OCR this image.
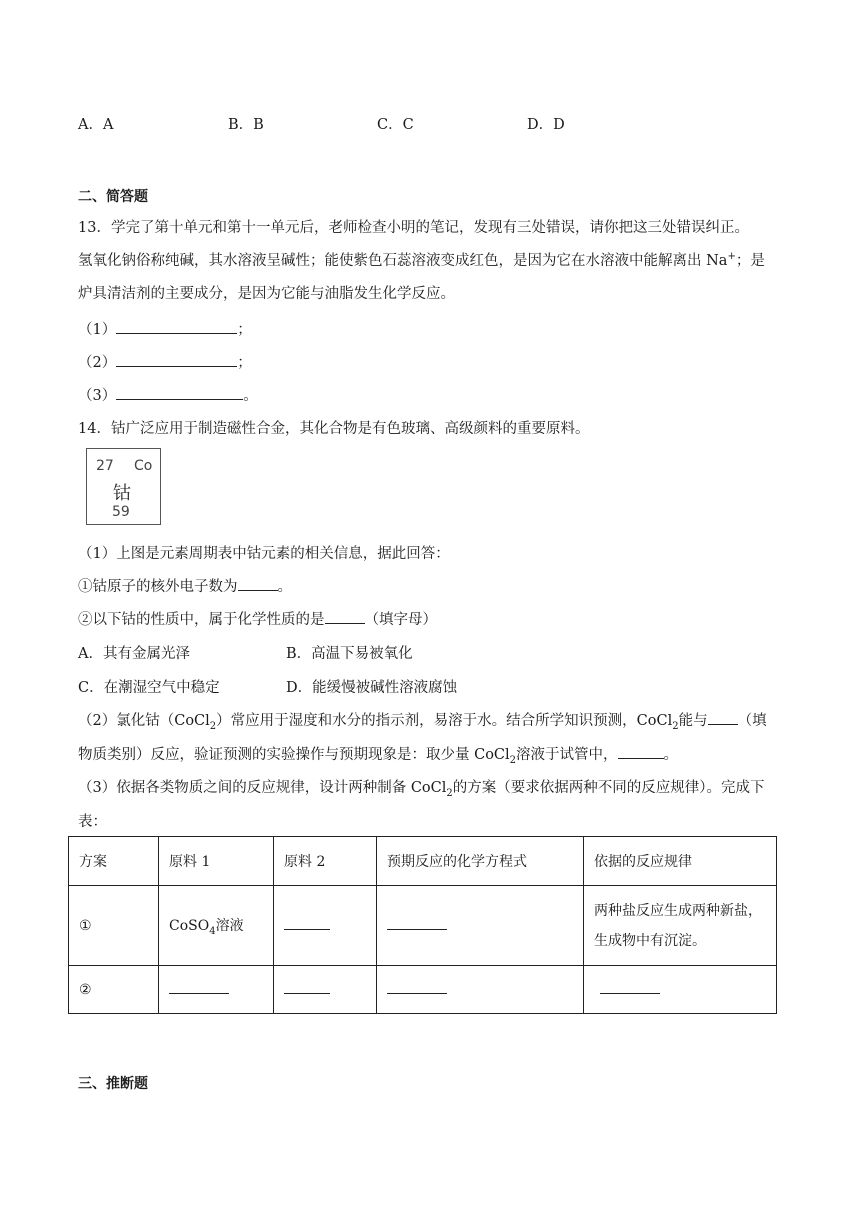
A．A	B．B	C．C	D．D
二、简答题
13．学完了第十单元和第十一单元后，老师检查小明的笔记，发现有三处错误，请你把这三处错误纠正。
氢氧化钠俗称纯碱，其水溶液呈碱性；能使紫色石蕊溶液变成红色，是因为它在水溶液中能解离出 Na+；是
炉具清洁剂的主要成分，是因为它能与油脂发生化学反应。
（1）	；
（2）	；
（3）	。
14．钴广泛应用于制造磁性合金，其化合物是有色玻璃、高级颜料的重要原料。
27 Co
钴
59
（1）上图是元素周期表中钴元素的相关信息，据此回答：
①钴原子的核外电子数为	。
②以下钴的性质中，属于化学性质的是	（填字母）
A．其有金属光泽	B．高温下易被氧化
C．在潮湿空气中稳定	D．能缓慢被碱性溶液腐蚀
（2）氯化钴（CoCl$_2$）常应用于湿度和水分的指示剂，易溶于水。结合所学知识预测，CoCl$_2$能与 （填
物质类别）反应，验证预测的实验操作与预期现象是：取少量 CoCl$_2$溶液于试管中，	。
（3）依据各类物质之间的反应规律，设计两种制备 CoCl$_2$的方案（要求依据两种不同的反应规律）。完成下
表：
方案	原料 1	原料 2	预期反应的化学方程式	依据的反应规律
①	CoSO$_4$溶液			两种盐反应生成两种新盐，
生成物中有沉淀。

②				
三、推断题
